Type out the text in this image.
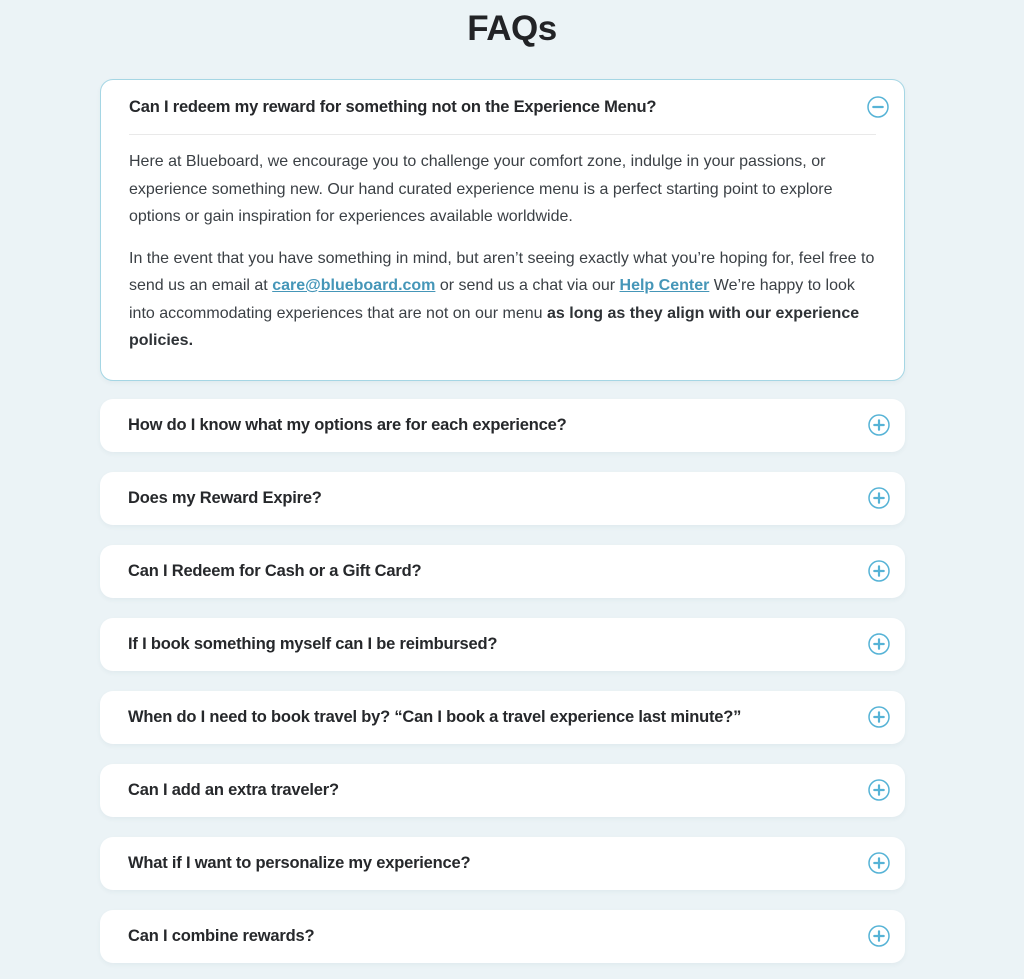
FAQs
Can I redeem my reward for something not on the Experience Menu?

Here at Blueboard, we encourage you to challenge your comfort zone, indulge in your passions, or experience something new. Our hand curated experience menu is a perfect starting point to explore options or gain inspiration for experiences available worldwide.

In the event that you have something in mind, but aren’t seeing exactly what you’re hoping for, feel free to send us an email at care@blueboard.com or send us a chat via our Help Center We’re happy to look into accommodating experiences that are not on our menu as long as they align with our experience policies.

How do I know what my options are for each experience?
Does my Reward Expire?
Can I Redeem for Cash or a Gift Card?
If I book something myself can I be reimbursed?
When do I need to book travel by? “Can I book a travel experience last minute?”
Can I add an extra traveler?
What if I want to personalize my experience?
Can I combine rewards?
